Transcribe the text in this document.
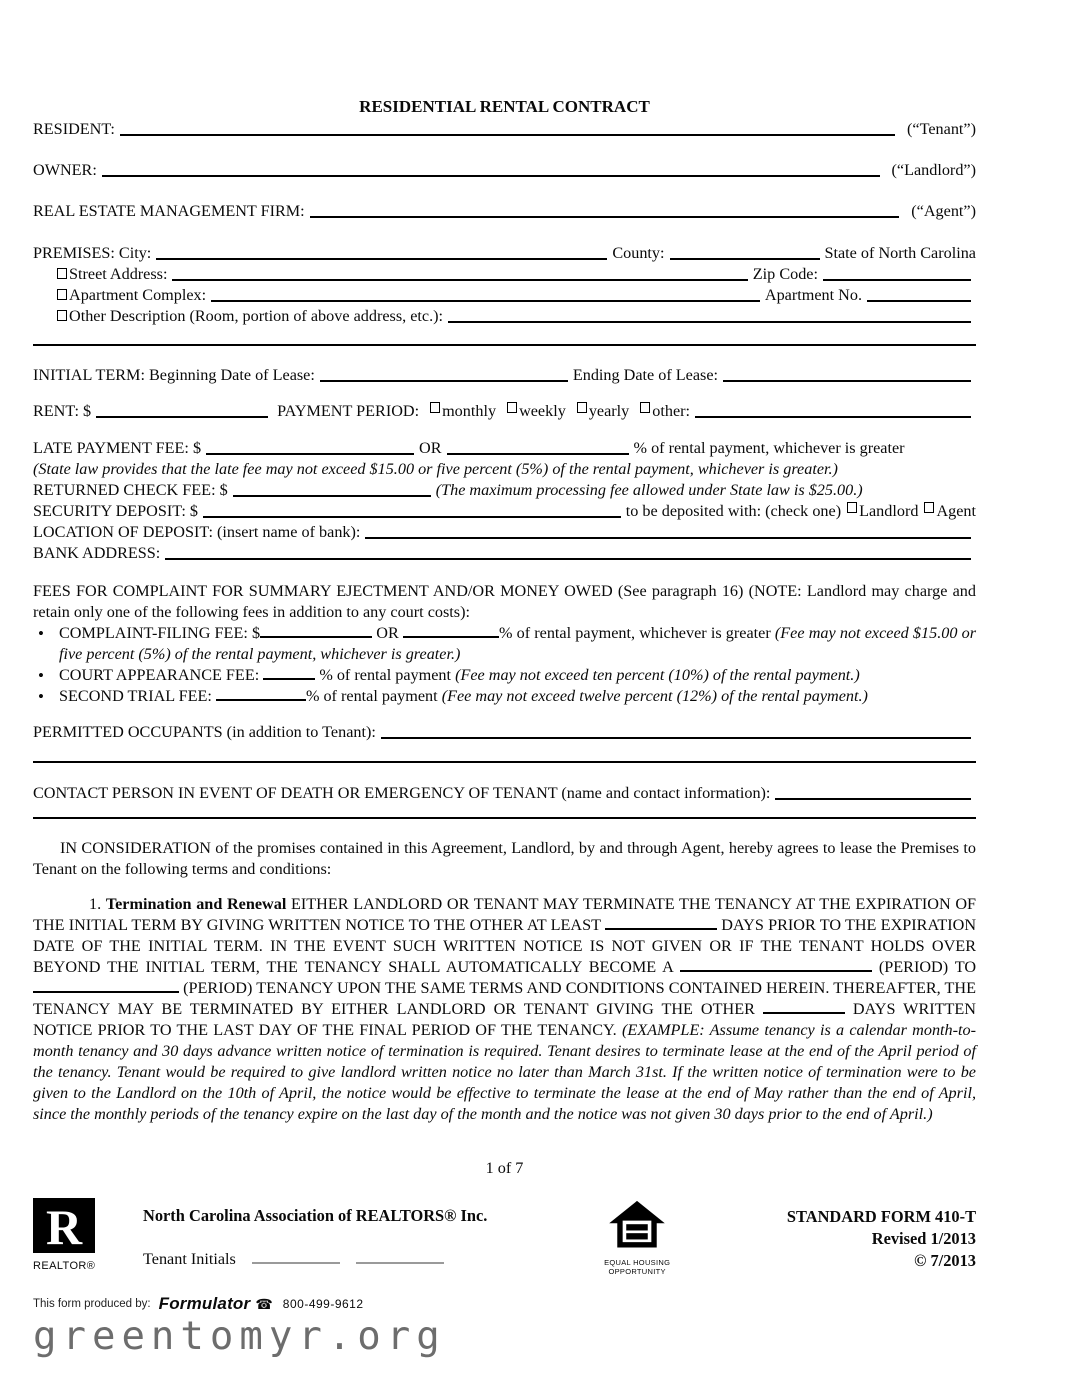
RESIDENTIAL RENTAL CONTRACT
RESIDENT:	(“Tenant”)
OWNER:	(“Landlord”)
REAL ESTATE MANAGEMENT FIRM:	(“Agent”)
PREMISES: City:	County:	State of North Carolina
Street Address:	Zip Code:
Apartment Complex:	Apartment No.
Other Description (Room, portion of above address, etc.):
INITIAL TERM: Beginning Date of Lease:	Ending Date of Lease:
RENT: $	PAYMENT PERIOD:	monthly	weekly	yearly	other:
LATE PAYMENT FEE: $	OR	% of rental payment, whichever is greater
(State law provides that the late fee may not exceed $15.00 or five percent (5%) of the rental payment, whichever is greater.)
RETURNED CHECK FEE: $	(The maximum processing fee allowed under State law is $25.00.)
SECURITY DEPOSIT: $	to be deposited with: (check one)	Landlord	Agent
LOCATION OF DEPOSIT: (insert name of bank):
BANK ADDRESS:
FEES FOR COMPLAINT FOR SUMMARY EJECTMENT AND/OR MONEY OWED (See paragraph 16) (NOTE: Landlord may charge and retain only one of the following fees in addition to any court costs):
• COMPLAINT-FILING FEE: $	OR	% of rental payment, whichever is greater (Fee may not exceed $15.00 or five percent (5%) of the rental payment, whichever is greater.)
• COURT APPEARANCE FEE:	% of rental payment (Fee may not exceed ten percent (10%) of the rental payment.)
• SECOND TRIAL FEE:	% of rental payment (Fee may not exceed twelve percent (12%) of the rental payment.)
PERMITTED OCCUPANTS (in addition to Tenant):
CONTACT PERSON IN EVENT OF DEATH OR EMERGENCY OF TENANT (name and contact information):
IN CONSIDERATION of the promises contained in this Agreement, Landlord, by and through Agent, hereby agrees to lease the Premises to Tenant on the following terms and conditions:
1. Termination and Renewal EITHER LANDLORD OR TENANT MAY TERMINATE THE TENANCY AT THE EXPIRATION OF THE INITIAL TERM BY GIVING WRITTEN NOTICE TO THE OTHER AT LEAST	DAYS PRIOR TO THE EXPIRATION DATE OF THE INITIAL TERM. IN THE EVENT SUCH WRITTEN NOTICE IS NOT GIVEN OR IF THE TENANT HOLDS OVER BEYOND THE INITIAL TERM, THE TENANCY SHALL AUTOMATICALLY BECOME A	(PERIOD) TO  (PERIOD) TENANCY UPON THE SAME TERMS AND CONDITIONS CONTAINED HEREIN. THEREAFTER, THE TENANCY MAY BE TERMINATED BY EITHER LANDLORD OR TENANT GIVING THE OTHER	DAYS WRITTEN NOTICE PRIOR TO THE LAST DAY OF THE FINAL PERIOD OF THE TENANCY. (EXAMPLE: Assume tenancy is a calendar month-to-month tenancy and 30 days advance written notice of termination is required. Tenant desires to terminate lease at the end of the April period of the tenancy. Tenant would be required to give landlord written notice no later than March 31st. If the written notice of termination were to be given to the Landlord on the 10th of April, the notice would be effective to terminate the lease at the end of May rather than the end of April, since the monthly periods of the tenancy expire on the last day of the month and the notice was not given 30 days prior to the end of April.)
1 of 7
R
REALTOR®
North Carolina Association of REALTORS® Inc.
Tenant Initials	EQUAL HOUSING
OPPORTUNITY
STANDARD FORM 410-T
Revised 1/2013
© 7/2013
This form produced by: Formulator ☎ 800-499-9612
greentomyr.org
